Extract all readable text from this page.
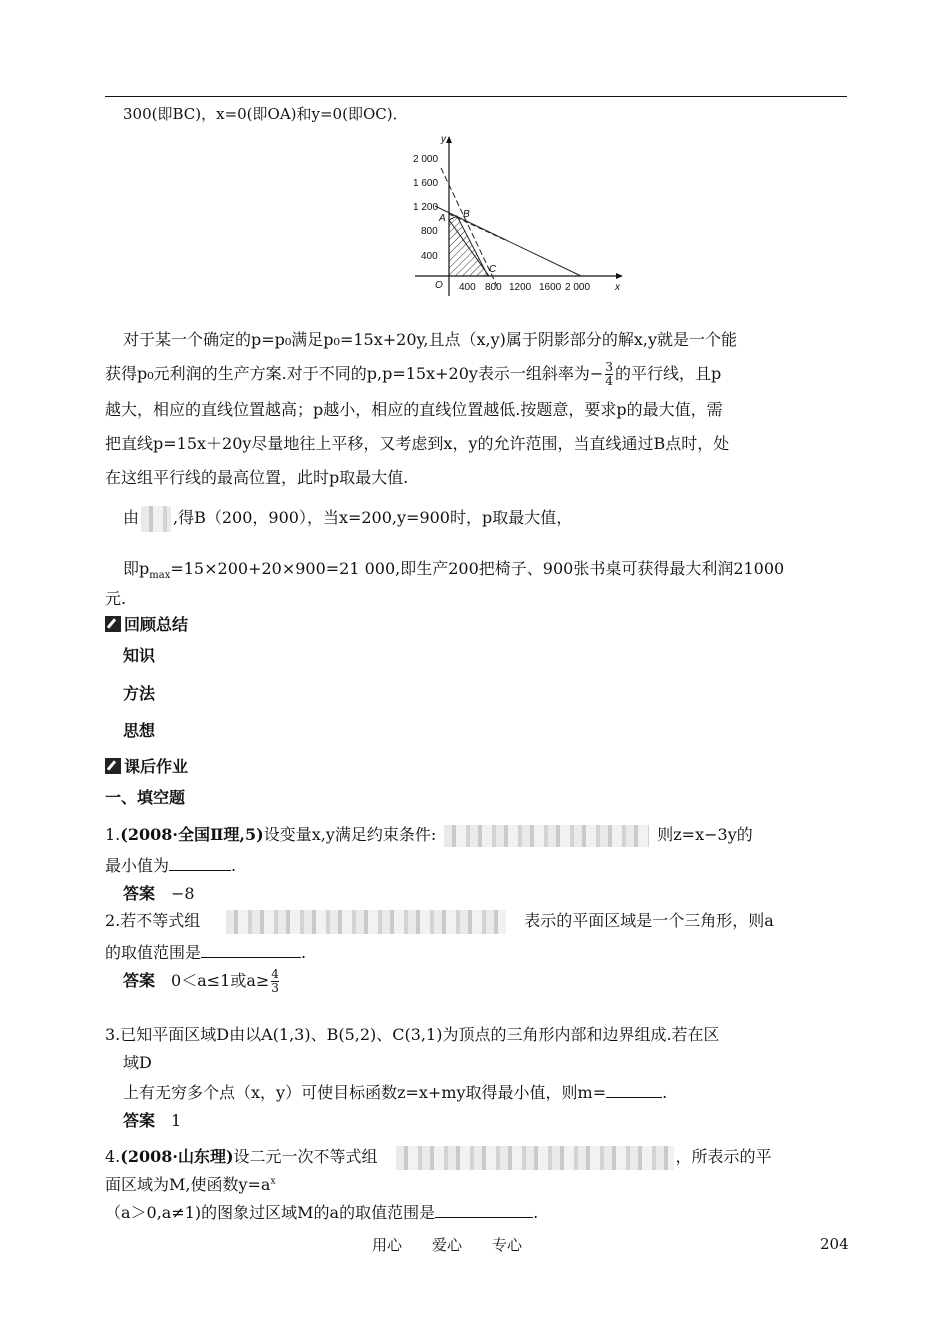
300(即BC)，x=0(即OA)和y=0(即OC)．
y
x
O
2 000
1 600
1 200
800
400
400 800 1200 1600 2 000
A B
C
对于某一个确定的p=p₀满足p₀=15x+20y,且点（x,y)属于阴影部分的解x,y就是一个能
获得p₀元利润的生产方案.对于不同的p,p=15x+20y表示一组斜率为− $\frac{3}{4}$ 的平行线，且p
越大，相应的直线位置越高；p越小，相应的直线位置越低.按题意，要求p的最大值，需
把直线p=15x＋20y尽量地往上平移，又考虑到x，y的允许范围，当直线通过B点时，处
在这组平行线的最高位置，此时p取最大值.
由 ,得B（200，900），当x=200,y=900时，p取最大值，
即$p_{max}=15\times 200+20\times 900=21$ 000,即生产200把椅子、900张书桌可获得最大利润21000
元.
回顾总结
知识
方法
思想
课后作业
一、填空题
1.(2008·全国Ⅱ理,5)设变量x,y满足约束条件:	则z=x−3y的
最小值为	.
答案 −8
2.若不等式组	表示的平面区域是一个三角形，则a
的取值范围是	.
答案 0＜a≤1或$a\ge \frac{4}{3}$
3.已知平面区域D由以A(1,3)、B(5,2)、C(3,1)为顶点的三角形内部和边界组成.若在区
域D
上有无穷多个点（x，y）可使目标函数z=x+my取得最小值，则m=	.
答案 1
4.(2008·山东理)设二元一次不等式组	，所表示的平
面区域为M,使函数$y=a^x$
（a＞0,a≠1)的图象过区域M的a的取值范围是	.
用心　　爱心　　专心	204
